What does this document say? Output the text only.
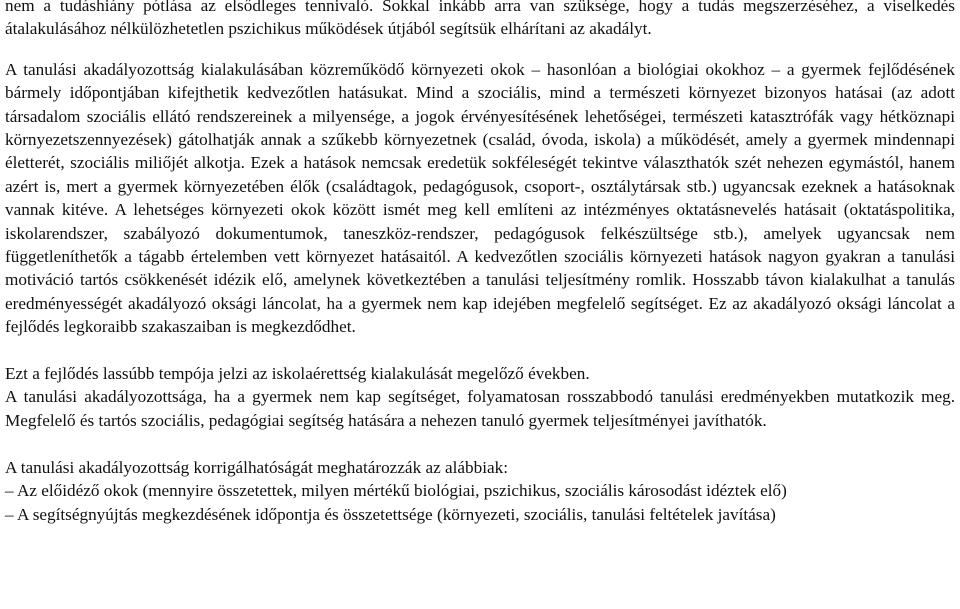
nem a tudáshiány pótlása az elsődleges tennivaló. Sokkal inkább arra van szüksége, hogy a tudás megszerzéséhez, a viselkedés átalakulásához nélkülözhetetlen pszichikus működések útjából segítsük elhárítani az akadályt.

A tanulási akadályozottság kialakulásában közreműködő környezeti okok – hasonlóan a biológiai okokhoz – a gyermek fejlődésének bármely időpontjában kifejthetik kedvezőtlen hatásukat. Mind a szociális, mind a természeti környezet bizonyos hatásai (az adott társadalom szociális ellátó rendszereinek a milyensége, a jogok érvényesítésének lehetőségei, természeti katasztrófák vagy hétköznapi környezetszennyezések) gátolhatják annak a szűkebb környezetnek (család, óvoda, iskola) a működését, amely a gyermek mindennapi életterét, szociális miliőjét alkotja. Ezek a hatások nemcsak eredetük sokféleségét tekintve választhatók szét nehezen egymástól, hanem azért is, mert a gyermek környezetében élők (családtagok, pedagógusok, csoport-, osztálytársak stb.) ugyancsak ezeknek a hatásoknak vannak kitéve. A lehetséges környezeti okok között ismét meg kell említeni az intézményes oktatásnevelés hatásait (oktatáspolitika, iskolarendszer, szabályozó dokumentumok, taneszköz-rendszer, pedagógusok felkészültsége stb.), amelyek ugyancsak nem függetleníthetők a tágabb értelemben vett környezet hatásaitól. A kedvezőtlen szociális környezeti hatások nagyon gyakran a tanulási motiváció tartós csökkenését idézik elő, amelynek következtében a tanulási teljesítmény romlik. Hosszabb távon kialakulhat a tanulás eredményességét akadályozó oksági láncolat, ha a gyermek nem kap idejében megfelelő segítséget. Ez az akadályozó oksági láncolat a fejlődés legkoraibb szakaszaiban is megkezdődhet.

Ezt a fejlődés lassúbb tempója jelzi az iskolaérettség kialakulását megelőző években.

A tanulási akadályozottsága, ha a gyermek nem kap segítséget, folyamatosan rosszabbodó tanulási eredményekben mutatkozik meg. Megfelelő és tartós szociális, pedagógiai segítség hatására a nehezen tanuló gyermek teljesítményei javíthatók.

A tanulási akadályozottság korrigálhatóságát meghatározzák az alábbiak:

– Az előidéző okok (mennyire összetettek, milyen mértékű biológiai, pszichikus, szociális károsodást idéztek elő)

– A segítségnyújtás megkezdésének időpontja és összetettsége (környezeti, szociális, tanulási feltételek javítása)
